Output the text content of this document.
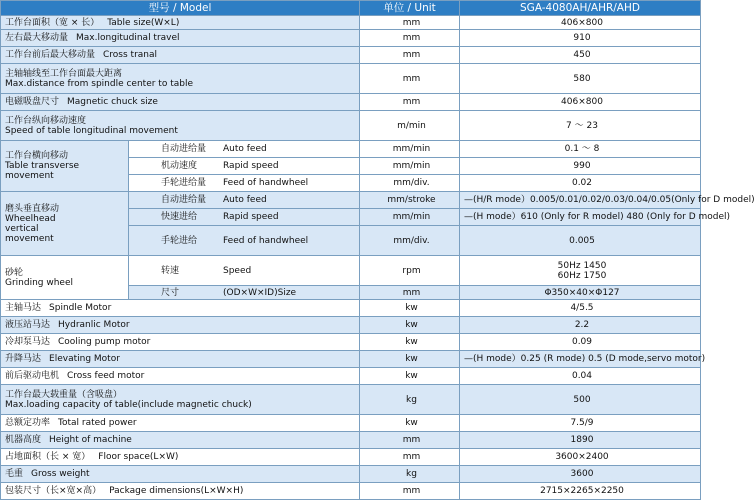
型号 / Model		单位 / Unit	SGA-4080AH/AHR/AHD
工作台面积（宽 × 长） Table size(W×L)		mm	406×800
左右最大移动量 Max.longitudinal travel		mm	910
工作台前后最大移动量 Cross tranal		mm	450

主轴轴线至工作台面最大距离
Max.distance from spindle center to table		mm	580
电磁吸盘尺寸 Magnetic chuck size		mm	406×800

工作台纵向移动速度
Speed of table longitudinal movement		m/min	7 ～ 23

工作台横向移动
Table transverse
movement	自动进给量 Auto feed	mm/min	0.1 ～ 8
	机动速度 Rapid speed	mm/min	990
	手轮进给量 Feed of handwheel	mm/div.	0.02

磨头垂直移动
Wheelhead
vertical
movement	自动进给量 Auto feed	mm/stroke	—(H/R mode）0.005/0.01/0.02/0.03/0.04/0.05(Only for D model)
	快速进给 Rapid speed	mm/min	—(H mode）610 (Only for R model) 480 (Only for D model)
	手轮进给 Feed of handwheel	mm/div.	0.005

砂轮
Grinding wheel	转速 Speed	rpm	50Hz 1450
60Hz 1750

	尺寸 (OD×W×ID)Size	mm	Φ350×40×Φ127
主轴马达 Spindle Motor		kw	4/5.5
液压站马达 Hydranlic Motor		kw	2.2
冷却泵马达 Cooling pump motor		kw	0.09
升降马达 Elevating Motor		kw	—(H mode）0.25 (R mode) 0.5 (D mode,servo motor)
前后驱动电机 Cross feed motor		kw	0.04

工作台最大载重量（含吸盘）
Max.loading capacity of table(include magnetic chuck)		kg	500
总额定功率 Total rated power		kw	7.5/9
机器高度 Height of machine		mm	1890
占地面积（长 × 宽） Floor space(L×W)		mm	3600×2400
毛重 Gross weight		kg	3600
包装尺寸（长×宽×高） Package dimensions(L×W×H)		mm	2715×2265×2250
